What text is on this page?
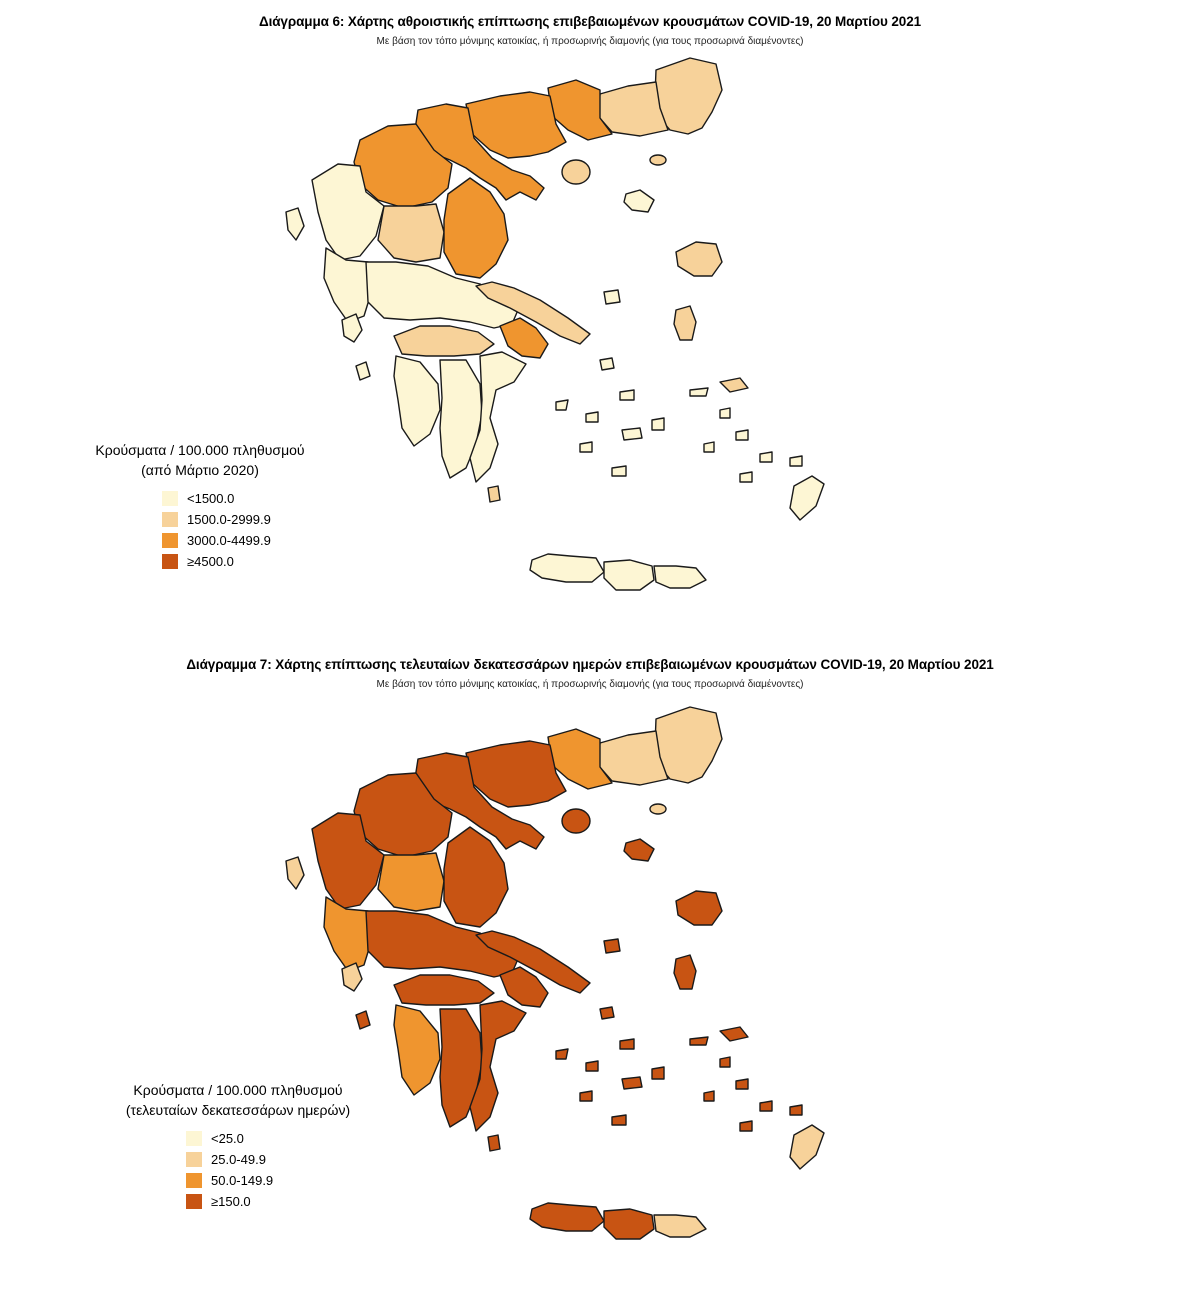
Διάγραμμα 6: Χάρτης αθροιστικής επίπτωσης επιβεβαιωμένων κρουσμάτων COVID-19, 20 Μαρτίου 2021
Με βάση τον τόπο μόνιμης κατοικίας, ή προσωρινής διαμονής (για τους προσωρινά διαμένοντες)
Κρούσματα / 100.000 πληθυσμού
(από Μάρτιο 2020)
<1500.0
1500.0-2999.9
3000.0-4499.9
≥4500.0
Διάγραμμα 7: Χάρτης επίπτωσης τελευταίων δεκατεσσάρων ημερών επιβεβαιωμένων κρουσμάτων COVID-19, 20 Μαρτίου 2021
Με βάση τον τόπο μόνιμης κατοικίας, ή προσωρινής διαμονής (για τους προσωρινά διαμένοντες)
Κρούσματα / 100.000 πληθυσμού
(τελευταίων δεκατεσσάρων ημερών)
<25.0
25.0-49.9
50.0-149.9
≥150.0
